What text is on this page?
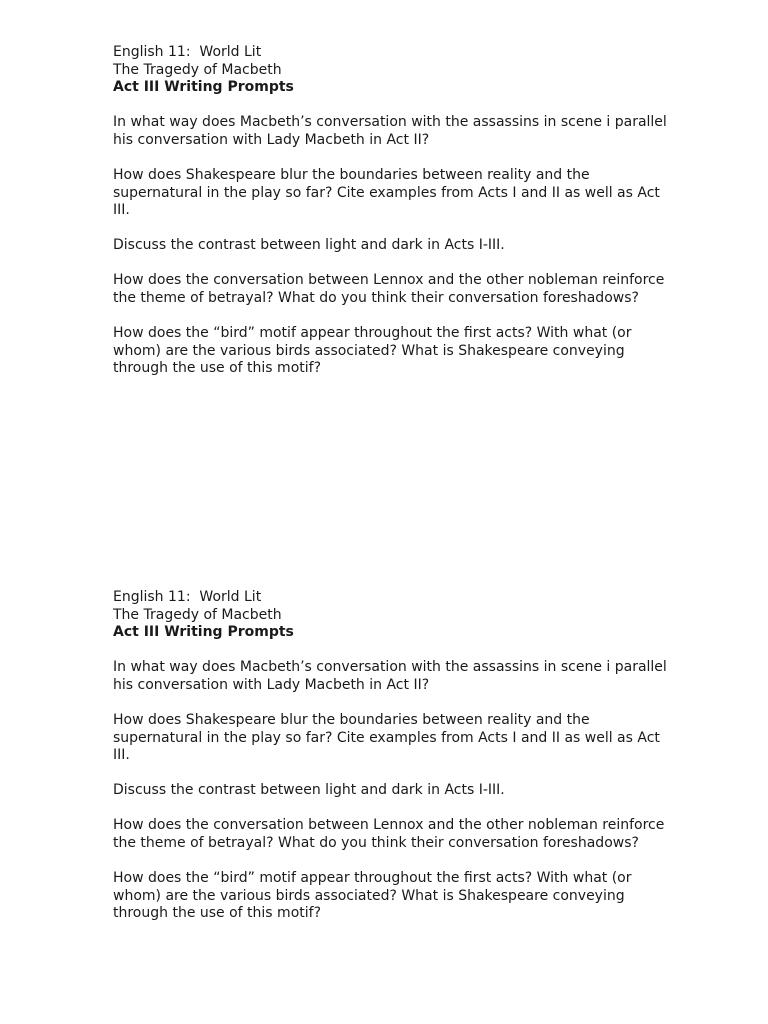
English 11:  World Lit

The Tragedy of Macbeth

Act III Writing Prompts

In what way does Macbeth’s conversation with the assassins in scene i parallel his conversation with Lady Macbeth in Act II?

How does Shakespeare blur the boundaries between reality and the supernatural in the play so far? Cite examples from Acts I and II as well as Act III.

Discuss the contrast between light and dark in Acts I-III.

How does the conversation between Lennox and the other nobleman reinforce the theme of betrayal? What do you think their conversation foreshadows?

How does the “bird” motif appear throughout the first acts? With what (or whom) are the various birds associated? What is Shakespeare conveying through the use of this motif?

English 11:  World Lit

The Tragedy of Macbeth

Act III Writing Prompts

In what way does Macbeth’s conversation with the assassins in scene i parallel his conversation with Lady Macbeth in Act II?

How does Shakespeare blur the boundaries between reality and the supernatural in the play so far? Cite examples from Acts I and II as well as Act III.

Discuss the contrast between light and dark in Acts I-III.

How does the conversation between Lennox and the other nobleman reinforce the theme of betrayal? What do you think their conversation foreshadows?

How does the “bird” motif appear throughout the first acts? With what (or whom) are the various birds associated? What is Shakespeare conveying through the use of this motif?
